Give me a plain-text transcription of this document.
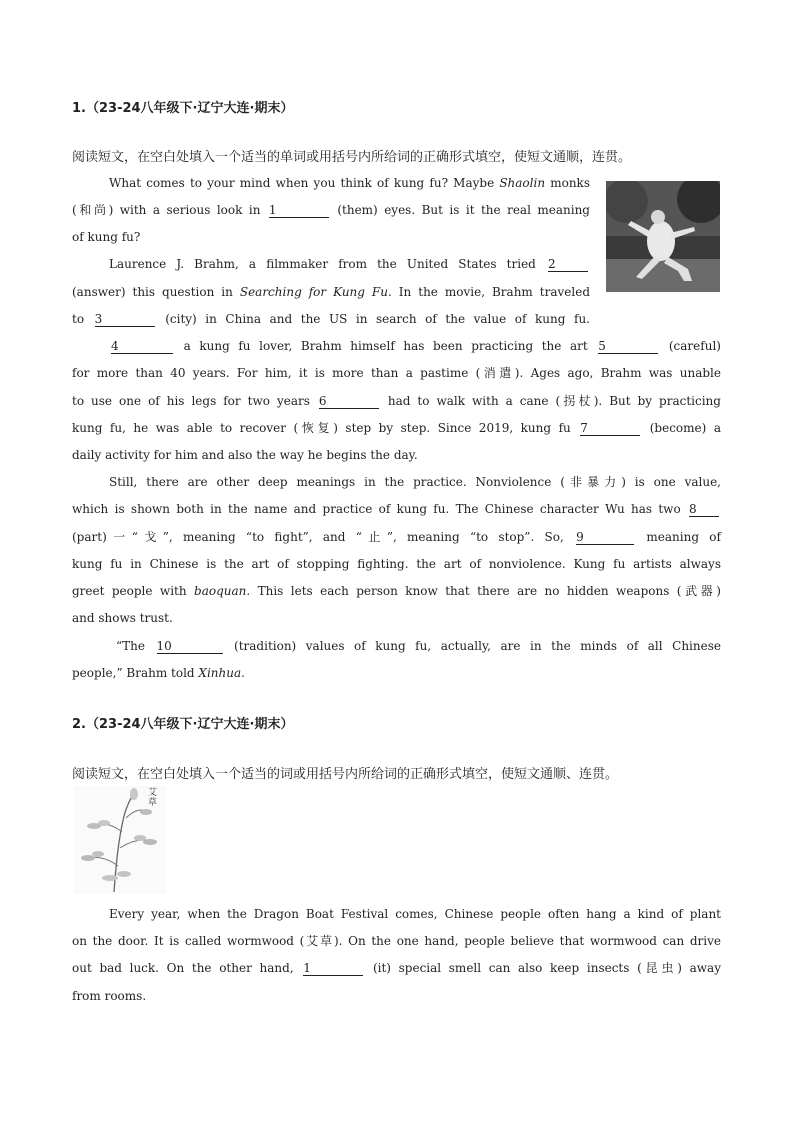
1.（23-24八年级下·辽宁大连·期末）
阅读短文，在空白处填入一个适当的单词或用括号内所给词的正确形式填空，使短文通顺，连贯。
What comes to your mind when you think of kung fu? Maybe Shaolin monks
(和尚) with a serious look in 1	(them) eyes. But is it the real meaning
of kung fu?
Laurence J. Brahm, a filmmaker from the United States tried 2
(answer) this question in Searching for Kung Fu. In the movie, Brahm traveled
to 3	(city) in China and the US in search of the value of kung fu.
4	a kung fu lover, Brahm himself has been practicing the art 5	(careful)
for more than 40 years. For him, it is more than a pastime (消遣). Ages ago, Brahm was unable
to use one of his legs for two years 6	had to walk with a cane (拐杖). But by practicing
kung fu, he was able to recover (恢复) step by step. Since 2019, kung fu 7	(become) a
daily activity for him and also the way he begins the day.
Still, there are other deep meanings in the practice. Nonviolence (非暴力) is one value,
which is shown both in the name and practice of kung fu. The Chinese character Wu has two 8
(part)一“戈”, meaning “to fight”, and “止”, meaning “to stop”. So, 9	meaning of
kung fu in Chinese is the art of stopping fighting. the art of nonviolence. Kung fu artists always
greet people with baoquan. This lets each person know that there are no hidden weapons (武器)
and shows trust.
“The 10	(tradition) values of kung fu, actually, are in the minds of all Chinese
people,” Brahm told Xinhua.
2.（23-24八年级下·辽宁大连·期末）
阅读短文，在空白处填入一个适当的词或用括号内所给词的正确形式填空，使短文通顺、连贯。
艾草
Every year, when the Dragon Boat Festival comes, Chinese people often hang a kind of plant
on the door. It is called wormwood (艾草). On the one hand, people believe that wormwood can drive
out bad luck. On the other hand, 1	(it) special smell can also keep insects (昆虫) away
from rooms.
